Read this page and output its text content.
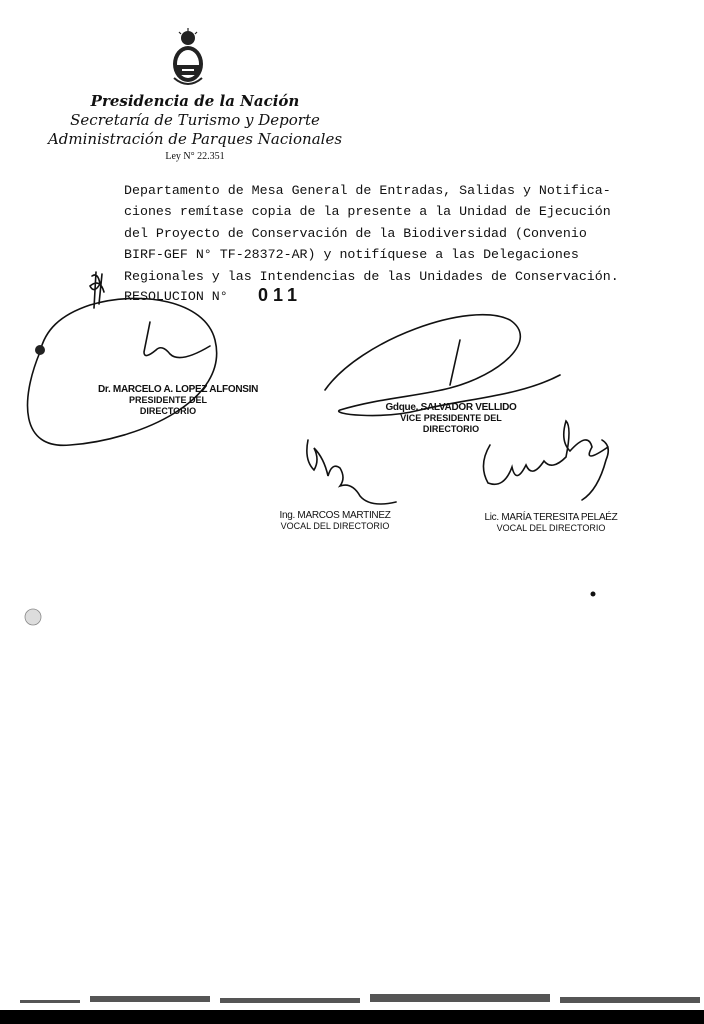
Presidencia de la Nación
Secretaría de Turismo y Deporte
Administración de Parques Nacionales
Ley N° 22.351
Departamento de Mesa General de Entradas, Salidas y Notifica-
ciones remítase copia de la presente a la Unidad de Ejecución
del Proyecto de Conservación de la Biodiversidad (Convenio
BIRF-GEF N° TF-28372-AR) y notifíquese a las Delegaciones
Regionales y las Intendencias de las Unidades de Conservación.
RESOLUCION N° 011
Dr. MARCELO A. LOPEZ ALFONSIN
PRESIDENTE DEL
DIRECTORIO	Gdque. SALVADOR VELLIDO
VICE PRESIDENTE DEL
DIRECTORIO
Ing. MARCOS MARTINEZ
VOCAL DEL DIRECTORIO
Lic. MARÍA TERESITA PELAÉZ
VOCAL DEL DIRECTORIO
